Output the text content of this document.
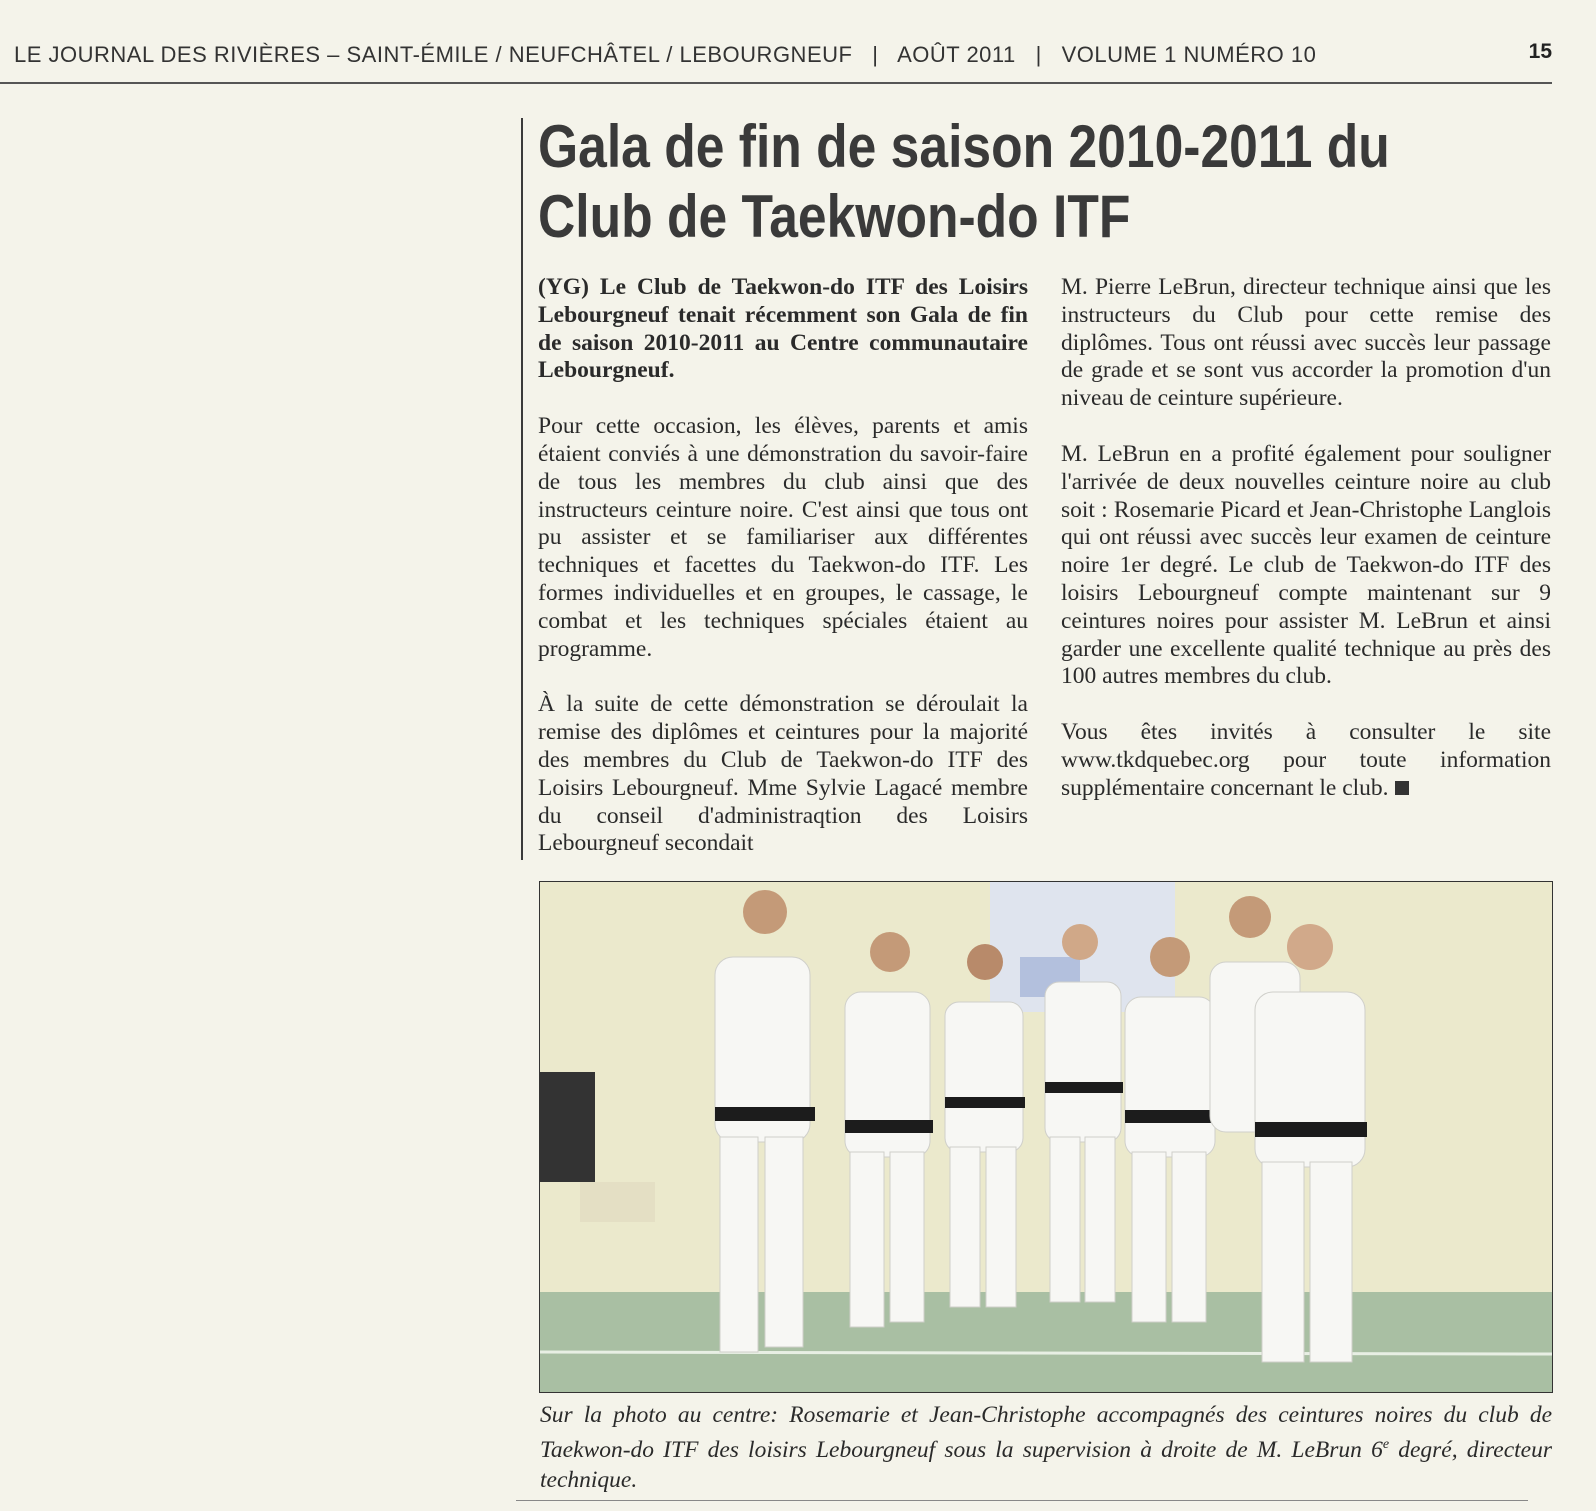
LE JOURNAL DES RIVIÈRES – SAINT-ÉMILE / NEUFCHÂTEL / LEBOURGNEUF   |   AOÛT 2011   |   VOLUME 1 NUMÉRO 10	15
Gala de fin de saison 2010-2011 du
Club de Taekwon-do ITF

(YG) Le Club de Taekwon-do ITF des Loisirs Lebourgneuf tenait récemment son Gala de fin de saison 2010-2011 au Centre communautaire Lebourgneuf.

Pour cette occasion, les élèves, parents et amis étaient conviés à une démonstration du savoir-faire de tous les membres du club ainsi que des instructeurs ceinture noire. C'est ainsi que tous ont pu assister et se familiariser aux différentes techniques et facettes du Taekwon-do ITF. Les formes individuelles et en groupes, le cassage, le combat et les techniques spéciales étaient au programme.

À la suite de cette démonstration se déroulait la remise des diplômes et ceintures pour la majorité des membres du Club de Taekwon-do ITF des Loisirs Lebourgneuf. Mme Sylvie Lagacé membre du conseil d'administraqtion des Loisirs Lebourgneuf secondait

M. Pierre LeBrun, directeur technique ainsi que les instructeurs du Club pour cette remise des diplômes. Tous ont réussi avec succès leur passage de grade et se sont vus accorder la promotion d'un niveau de ceinture supérieure.

M. LeBrun en a profité également pour souligner l'arrivée de deux nouvelles ceinture noire au club soit : Rosemarie Picard et Jean-Christophe Langlois qui ont réussi avec succès leur examen de ceinture noire 1er degré. Le club de Taekwon-do ITF des loisirs Lebourgneuf compte maintenant sur 9 ceintures noires pour assister M. LeBrun et ainsi garder une excellente qualité technique au près des 100 autres membres du club.

Vous êtes invités à consulter le site www.tkdquebec.org pour toute information supplémentaire concernant le club.

Sur la photo au centre: Rosemarie et Jean-Christophe accompagnés des ceintures noires du club de Taekwon-do ITF des loisirs Lebourgneuf sous la supervision à droite de M. LeBrun 6e degré, directeur technique.
